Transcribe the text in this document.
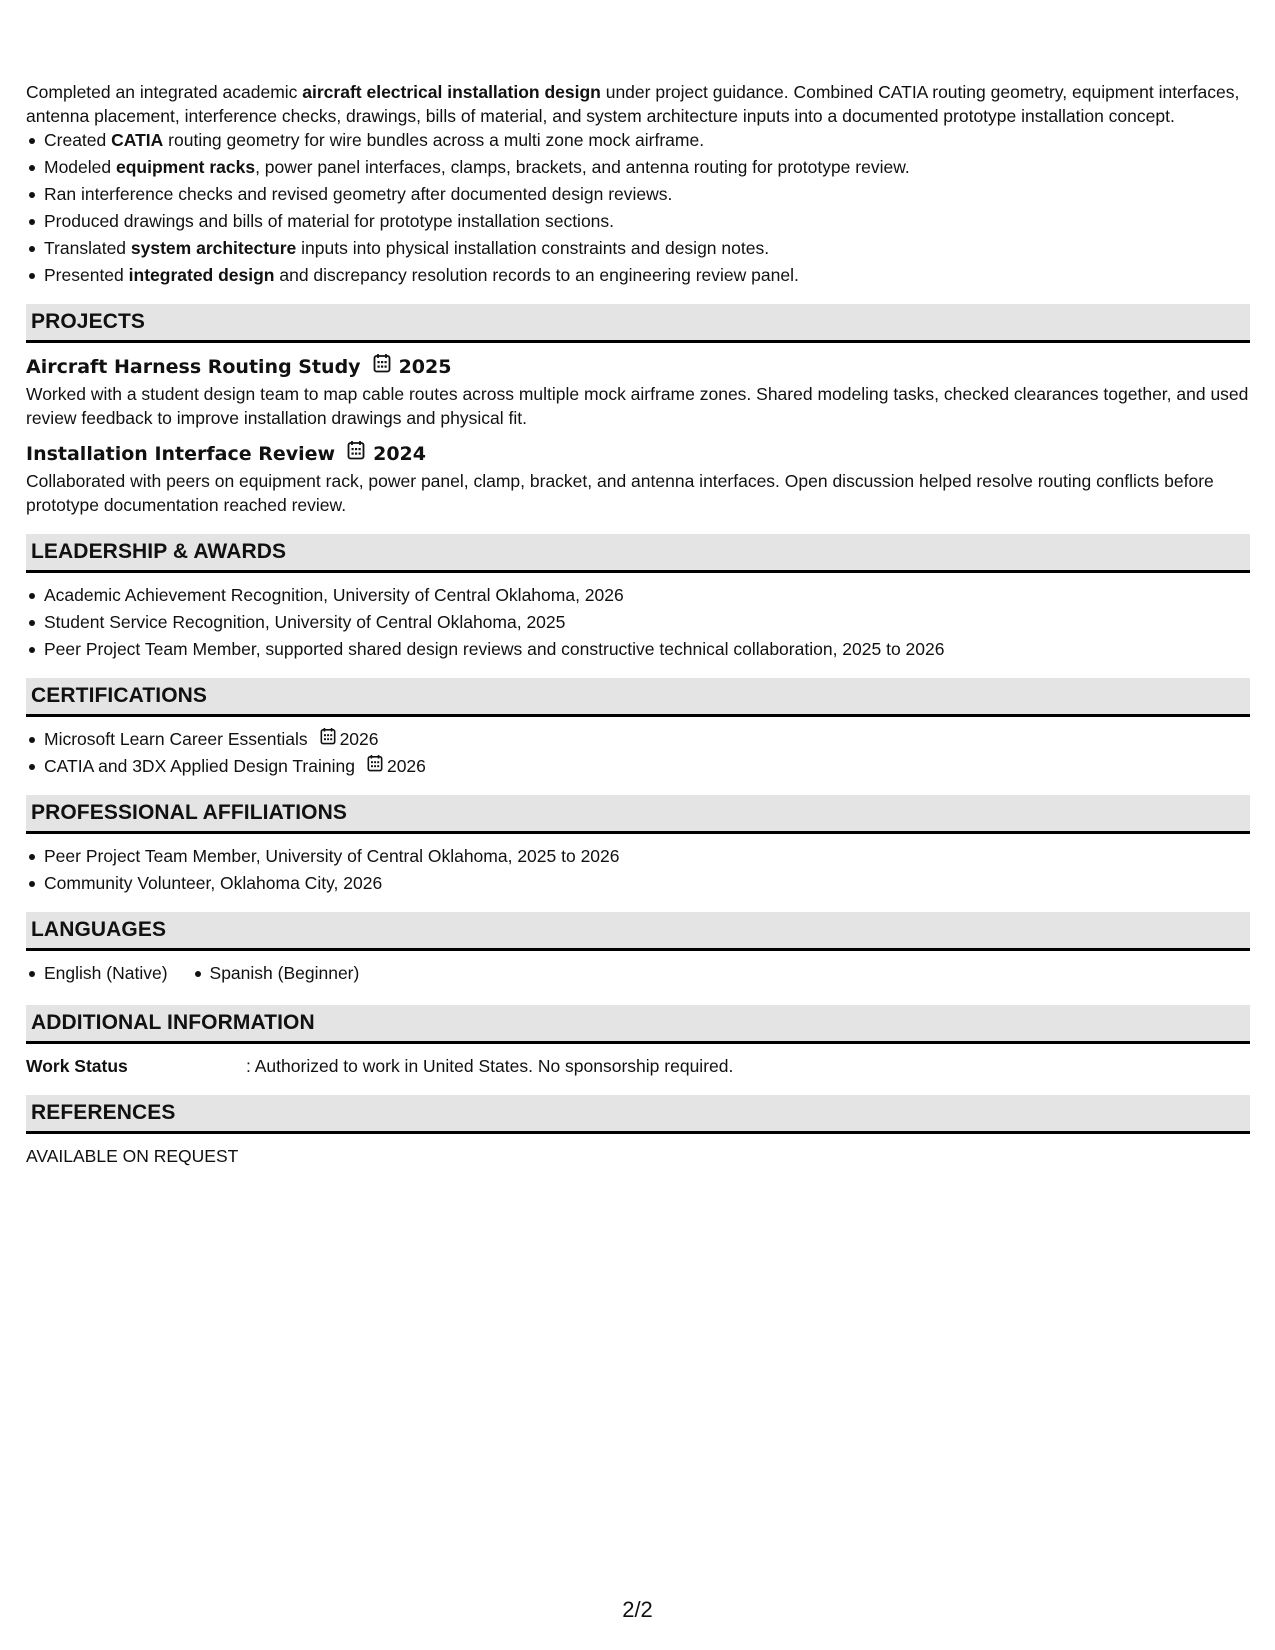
Completed an integrated academic aircraft electrical installation design under project guidance. Combined CATIA routing geometry, equipment interfaces, antenna placement, interference checks, drawings, bills of material, and system architecture inputs into a documented prototype installation concept.

Created CATIA routing geometry for wire bundles across a multi zone mock airframe.
Modeled equipment racks, power panel interfaces, clamps, brackets, and antenna routing for prototype review.
Ran interference checks and revised geometry after documented design reviews.
Produced drawings and bills of material for prototype installation sections.
Translated system architecture inputs into physical installation constraints and design notes.
Presented integrated design and discrepancy resolution records to an engineering review panel.
PROJECTS
Aircraft Harness Routing Study 2025

Worked with a student design team to map cable routes across multiple mock airframe zones. Shared modeling tasks, checked clearances together, and used review feedback to improve installation drawings and physical fit.

Installation Interface Review 2024

Collaborated with peers on equipment rack, power panel, clamp, bracket, and antenna interfaces. Open discussion helped resolve routing conflicts before prototype documentation reached review.

LEADERSHIP & AWARDS
Academic Achievement Recognition, University of Central Oklahoma, 2026
Student Service Recognition, University of Central Oklahoma, 2025
Peer Project Team Member, supported shared design reviews and constructive technical collaboration, 2025 to 2026
CERTIFICATIONS
Microsoft Learn Career Essentials 2026
CATIA and 3DX Applied Design Training 2026
PROFESSIONAL AFFILIATIONS
Peer Project Team Member, University of Central Oklahoma, 2025 to 2026
Community Volunteer, Oklahoma City, 2026
LANGUAGES
English (Native) Spanish (Beginner)
ADDITIONAL INFORMATION
Work Status	: Authorized to work in United States. No sponsorship required.
REFERENCES

AVAILABLE ON REQUEST

2/2
